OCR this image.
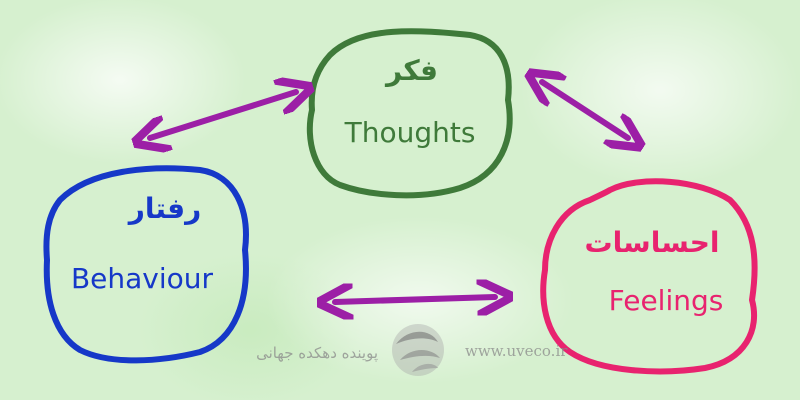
فکر
Thoughts
رفتار
Behaviour
احساسات
Feelings
پوینده دهکده جهانی	www.uveco.ir
